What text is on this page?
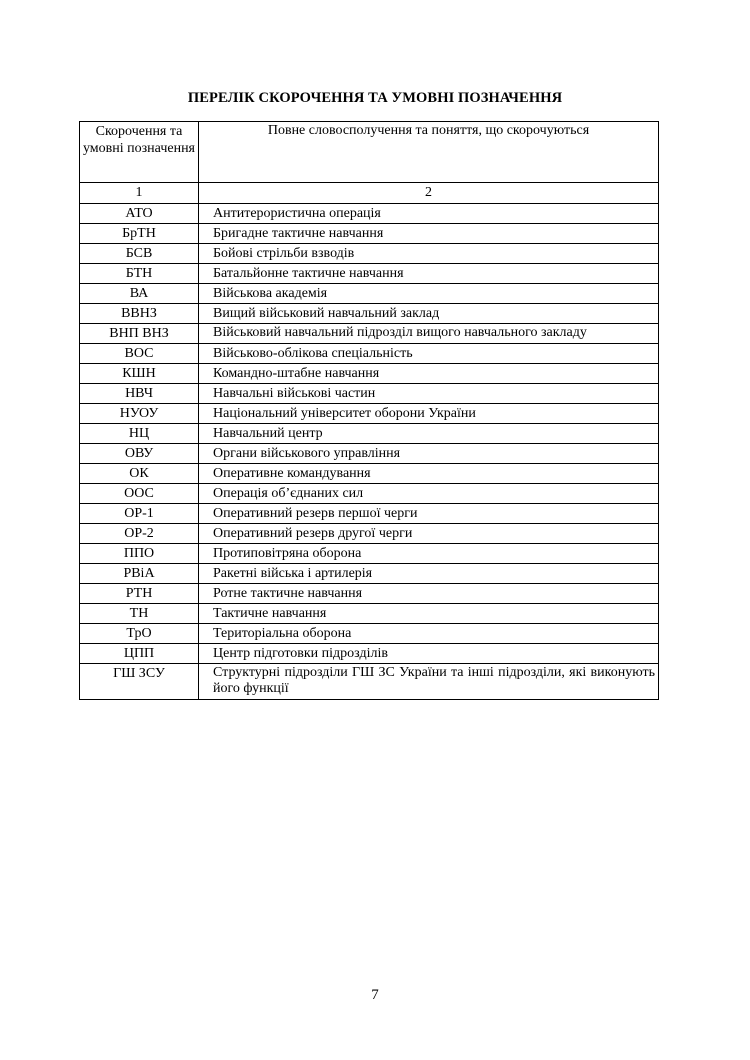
ПЕРЕЛІК СКОРОЧЕННЯ ТА УМОВНІ ПОЗНАЧЕННЯ
Скорочення та умовні позначення	Повне словосполучення та поняття, що скорочуються
1	2
АТО	Антитерористична операція

БрТН	Бригадне тактичне навчання

БСВ	Бойові стрільби взводів

БТН	Батальйонне тактичне навчання

ВА	Військова академія

ВВНЗ	Вищий військовий навчальний заклад

ВНП ВНЗ	Військовий навчальний підрозділ вищого навчального закладу

ВОС	Військово-облікова спеціальність

КШН	Командно-штабне навчання

НВЧ	Навчальні військові частин

НУОУ	Національний університет оборони України

НЦ	Навчальний центр

ОВУ	Органи військового управління

ОК	Оперативне командування

ООС	Операція об’єднаних сил

ОР-1	Оперативний резерв першої черги

ОР-2	Оперативний резерв другої черги

ППО	Протиповітряна оборона

РВіА	Ракетні війська і артилерія

РТН	Ротне тактичне навчання

ТН	Тактичне навчання

ТрО	Територіальна оборона

ЦПП	Центр підготовки підрозділів

ГШ ЗСУ	Структурні підрозділи ГШ ЗС України та інші підрозділи, які виконують його функції
7
